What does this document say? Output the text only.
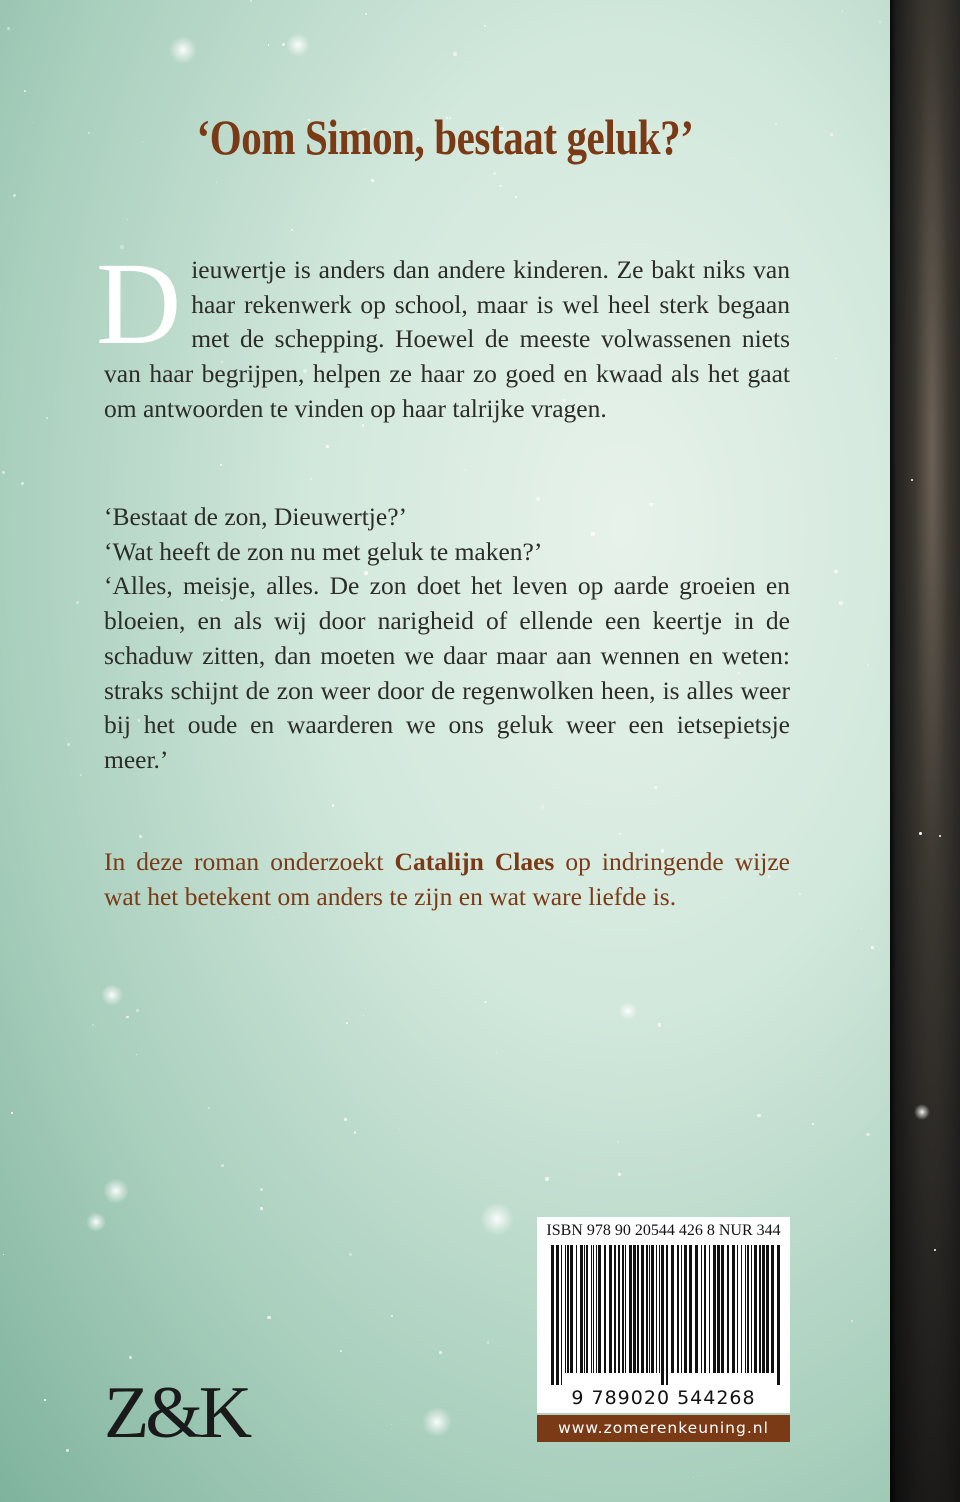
‘Oom Simon, bestaat geluk?’
Dieuwertje is anders dan andere kinderen. Ze bakt niks van haar rekenwerk op school, maar is wel heel sterk begaan met de schepping. Hoewel de meeste volwassenen niets van haar begrijpen, helpen ze haar zo goed en kwaad als het gaat om antwoorden te vinden op haar talrijke vragen.

‘Bestaat de zon, Dieuwertje?’

‘Wat heeft de zon nu met geluk te maken?’

‘Alles, meisje, alles. De zon doet het leven op aarde groeien en bloeien, en als wij door narigheid of ellende een keertje in de schaduw zitten, dan moeten we daar maar aan wennen en weten: straks schijnt de zon weer door de regenwolken heen, is alles weer bij het oude en waarderen we ons geluk weer een ietsepietsje meer.’

In deze roman onderzoekt Catalijn Claes op indringende wijze wat het betekent om anders te zijn en wat ware liefde is.
ISBN 978 90 20544 426 8 NUR 344
9 789020 544268
www.zomerenkeuning.nl
Z&K
